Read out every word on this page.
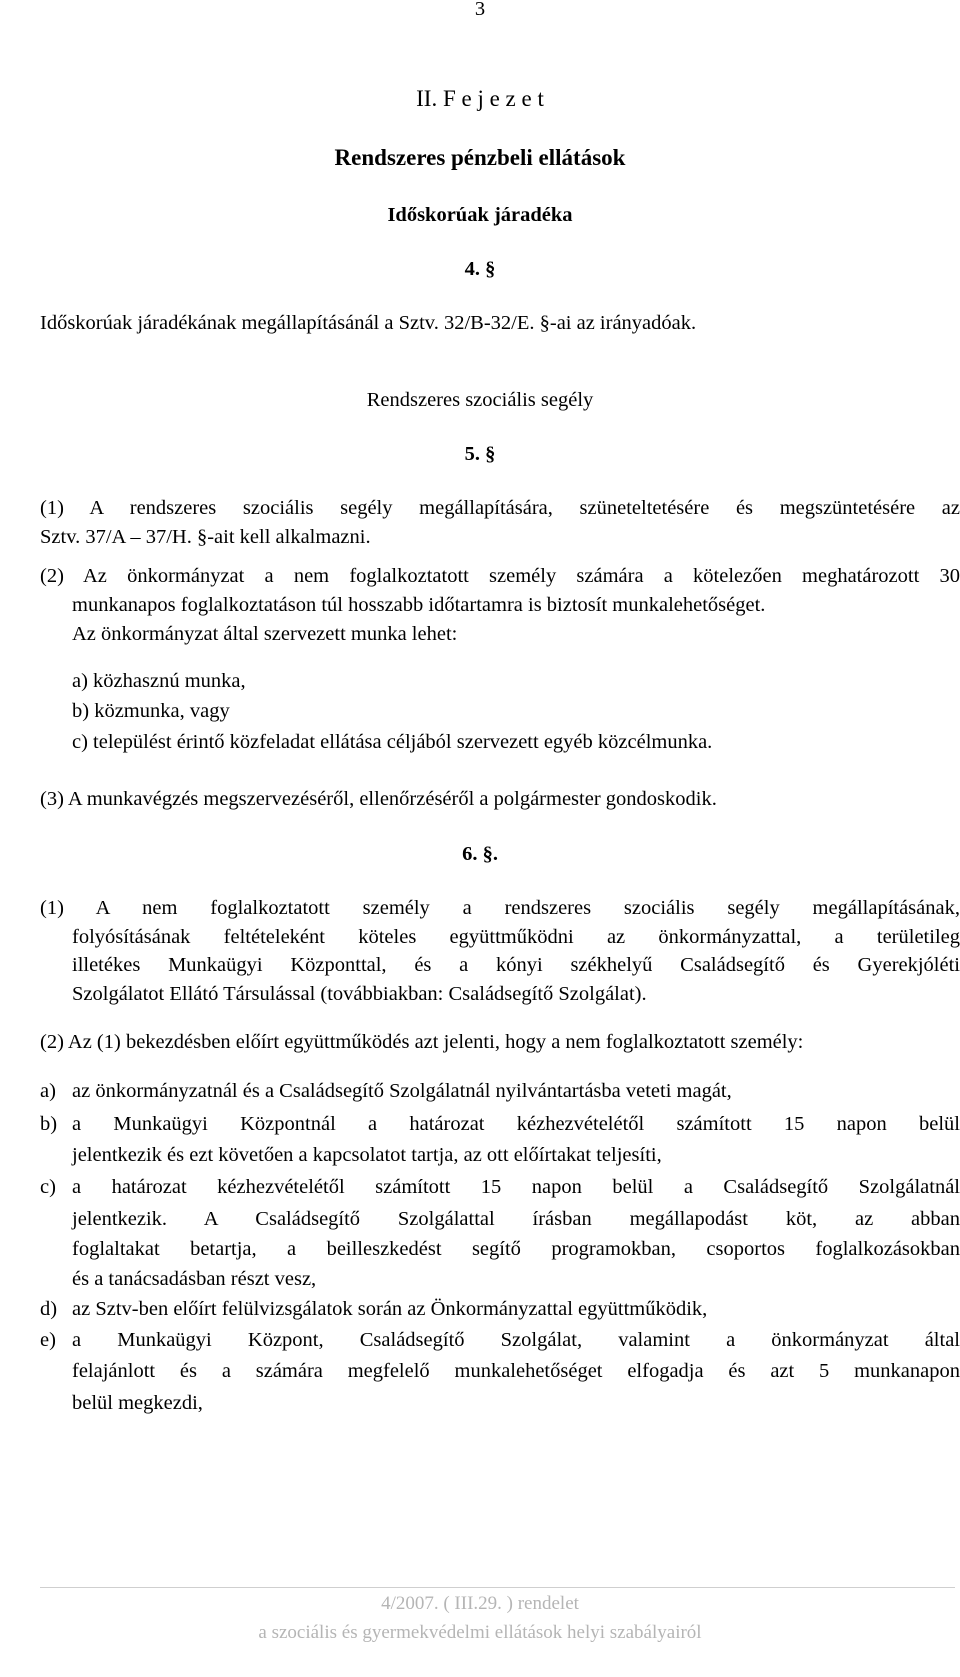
3
II. F e j e z e t
Rendszeres pénzbeli ellátások
Időskorúak járadéka
4. §
Időskorúak járadékának megállapításánál a Sztv. 32/B-32/E. §-ai az irányadóak.
Rendszeres szociális segély
5. §
(1) A rendszeres szociális segély megállapítására, szüneteltetésére és megszüntetésére az
Sztv. 37/A – 37/H. §-ait kell alkalmazni.
(2) Az önkormányzat a nem foglalkoztatott személy számára a kötelezően meghatározott 30
munkanapos foglalkoztatáson túl hosszabb időtartamra is biztosít munkalehetőséget.
Az önkormányzat által szervezett munka lehet:
a) közhasznú munka,
b) közmunka, vagy
c) települést érintő közfeladat ellátása céljából szervezett egyéb közcélmunka.
(3) A munkavégzés megszervezéséről, ellenőrzéséről a polgármester gondoskodik.
6. §.
(1) A nem foglalkoztatott személy a rendszeres szociális segély megállapításának,
folyósításának feltételeként köteles együttműködni az önkormányzattal, a területileg
illetékes Munkaügyi Központtal, és a kónyi székhelyű Családsegítő és Gyerekjóléti
Szolgálatot Ellátó Társulással (továbbiakban: Családsegítő Szolgálat).
(2) Az (1) bekezdésben előírt együttműködés azt jelenti, hogy a nem foglalkoztatott személy:
a) az önkormányzatnál és a Családsegítő Szolgálatnál nyilvántartásba veteti magát,
b) a Munkaügyi Központnál a határozat kézhezvételétől számított 15 napon belül
jelentkezik és ezt követően a kapcsolatot tartja, az ott előírtakat teljesíti,
c) a határozat kézhezvételétől számított 15 napon belül a Családsegítő Szolgálatnál
jelentkezik. A Családsegítő Szolgálattal írásban megállapodást köt, az abban
foglaltakat betartja, a beilleszkedést segítő programokban, csoportos foglalkozásokban
és a tanácsadásban részt vesz,
d) az Sztv-ben előírt felülvizsgálatok során az Önkormányzattal együttműködik,
e) a Munkaügyi Központ, Családsegítő Szolgálat, valamint a önkormányzat által
felajánlott és a számára megfelelő munkalehetőséget elfogadja és azt 5 munkanapon
belül megkezdi,
4/2007. ( III.29. ) rendelet
a szociális és gyermekvédelmi ellátások helyi szabályairól
